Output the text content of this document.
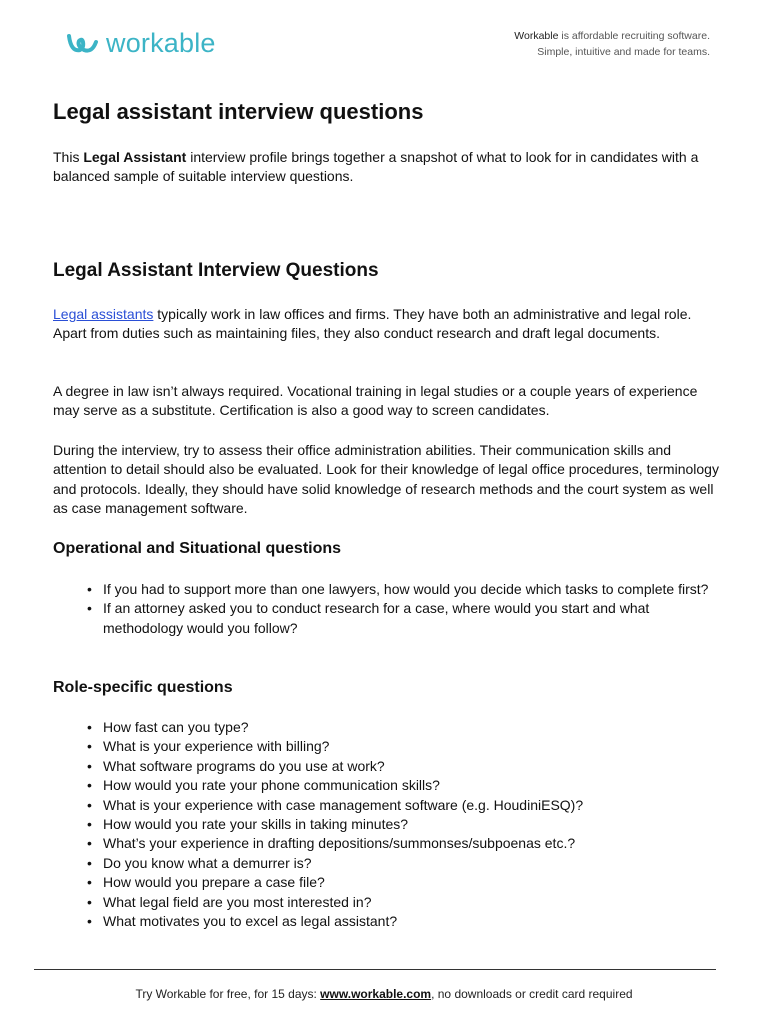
workable	Workable is affordable recruiting software.
Simple, intuitive and made for teams.
Legal assistant interview questions

This Legal Assistant interview profile brings together a snapshot of what to look for in candidates with a balanced sample of suitable interview questions.

Legal Assistant Interview Questions

Legal assistants typically work in law offices and firms. They have both an administrative and legal role. Apart from duties such as maintaining files, they also conduct research and draft legal documents.

A degree in law isn’t always required. Vocational training in legal studies or a couple years of experience may serve as a substitute. Certification is also a good way to screen candidates.

During the interview, try to assess their office administration abilities. Their communication skills and attention to detail should also be evaluated. Look for their knowledge of legal office procedures, terminology and protocols. Ideally, they should have solid knowledge of research methods and the court system as well as case management software.

Operational and Situational questions
• If you had to support more than one lawyers, how would you decide which tasks to complete first?
• If an attorney asked you to conduct research for a case, where would you start and what methodology would you follow?
Role-specific questions
• How fast can you type?
• What is your experience with billing?
• What software programs do you use at work?
• How would you rate your phone communication skills?
• What is your experience with case management software (e.g. HoudiniESQ)?
• How would you rate your skills in taking minutes?
• What’s your experience in drafting depositions/summonses/subpoenas etc.?
• Do you know what a demurrer is?
• How would you prepare a case file?
• What legal field are you most interested in?
• What motivates you to excel as legal assistant?
Try Workable for free, for 15 days: www.workable.com, no downloads or credit card required
